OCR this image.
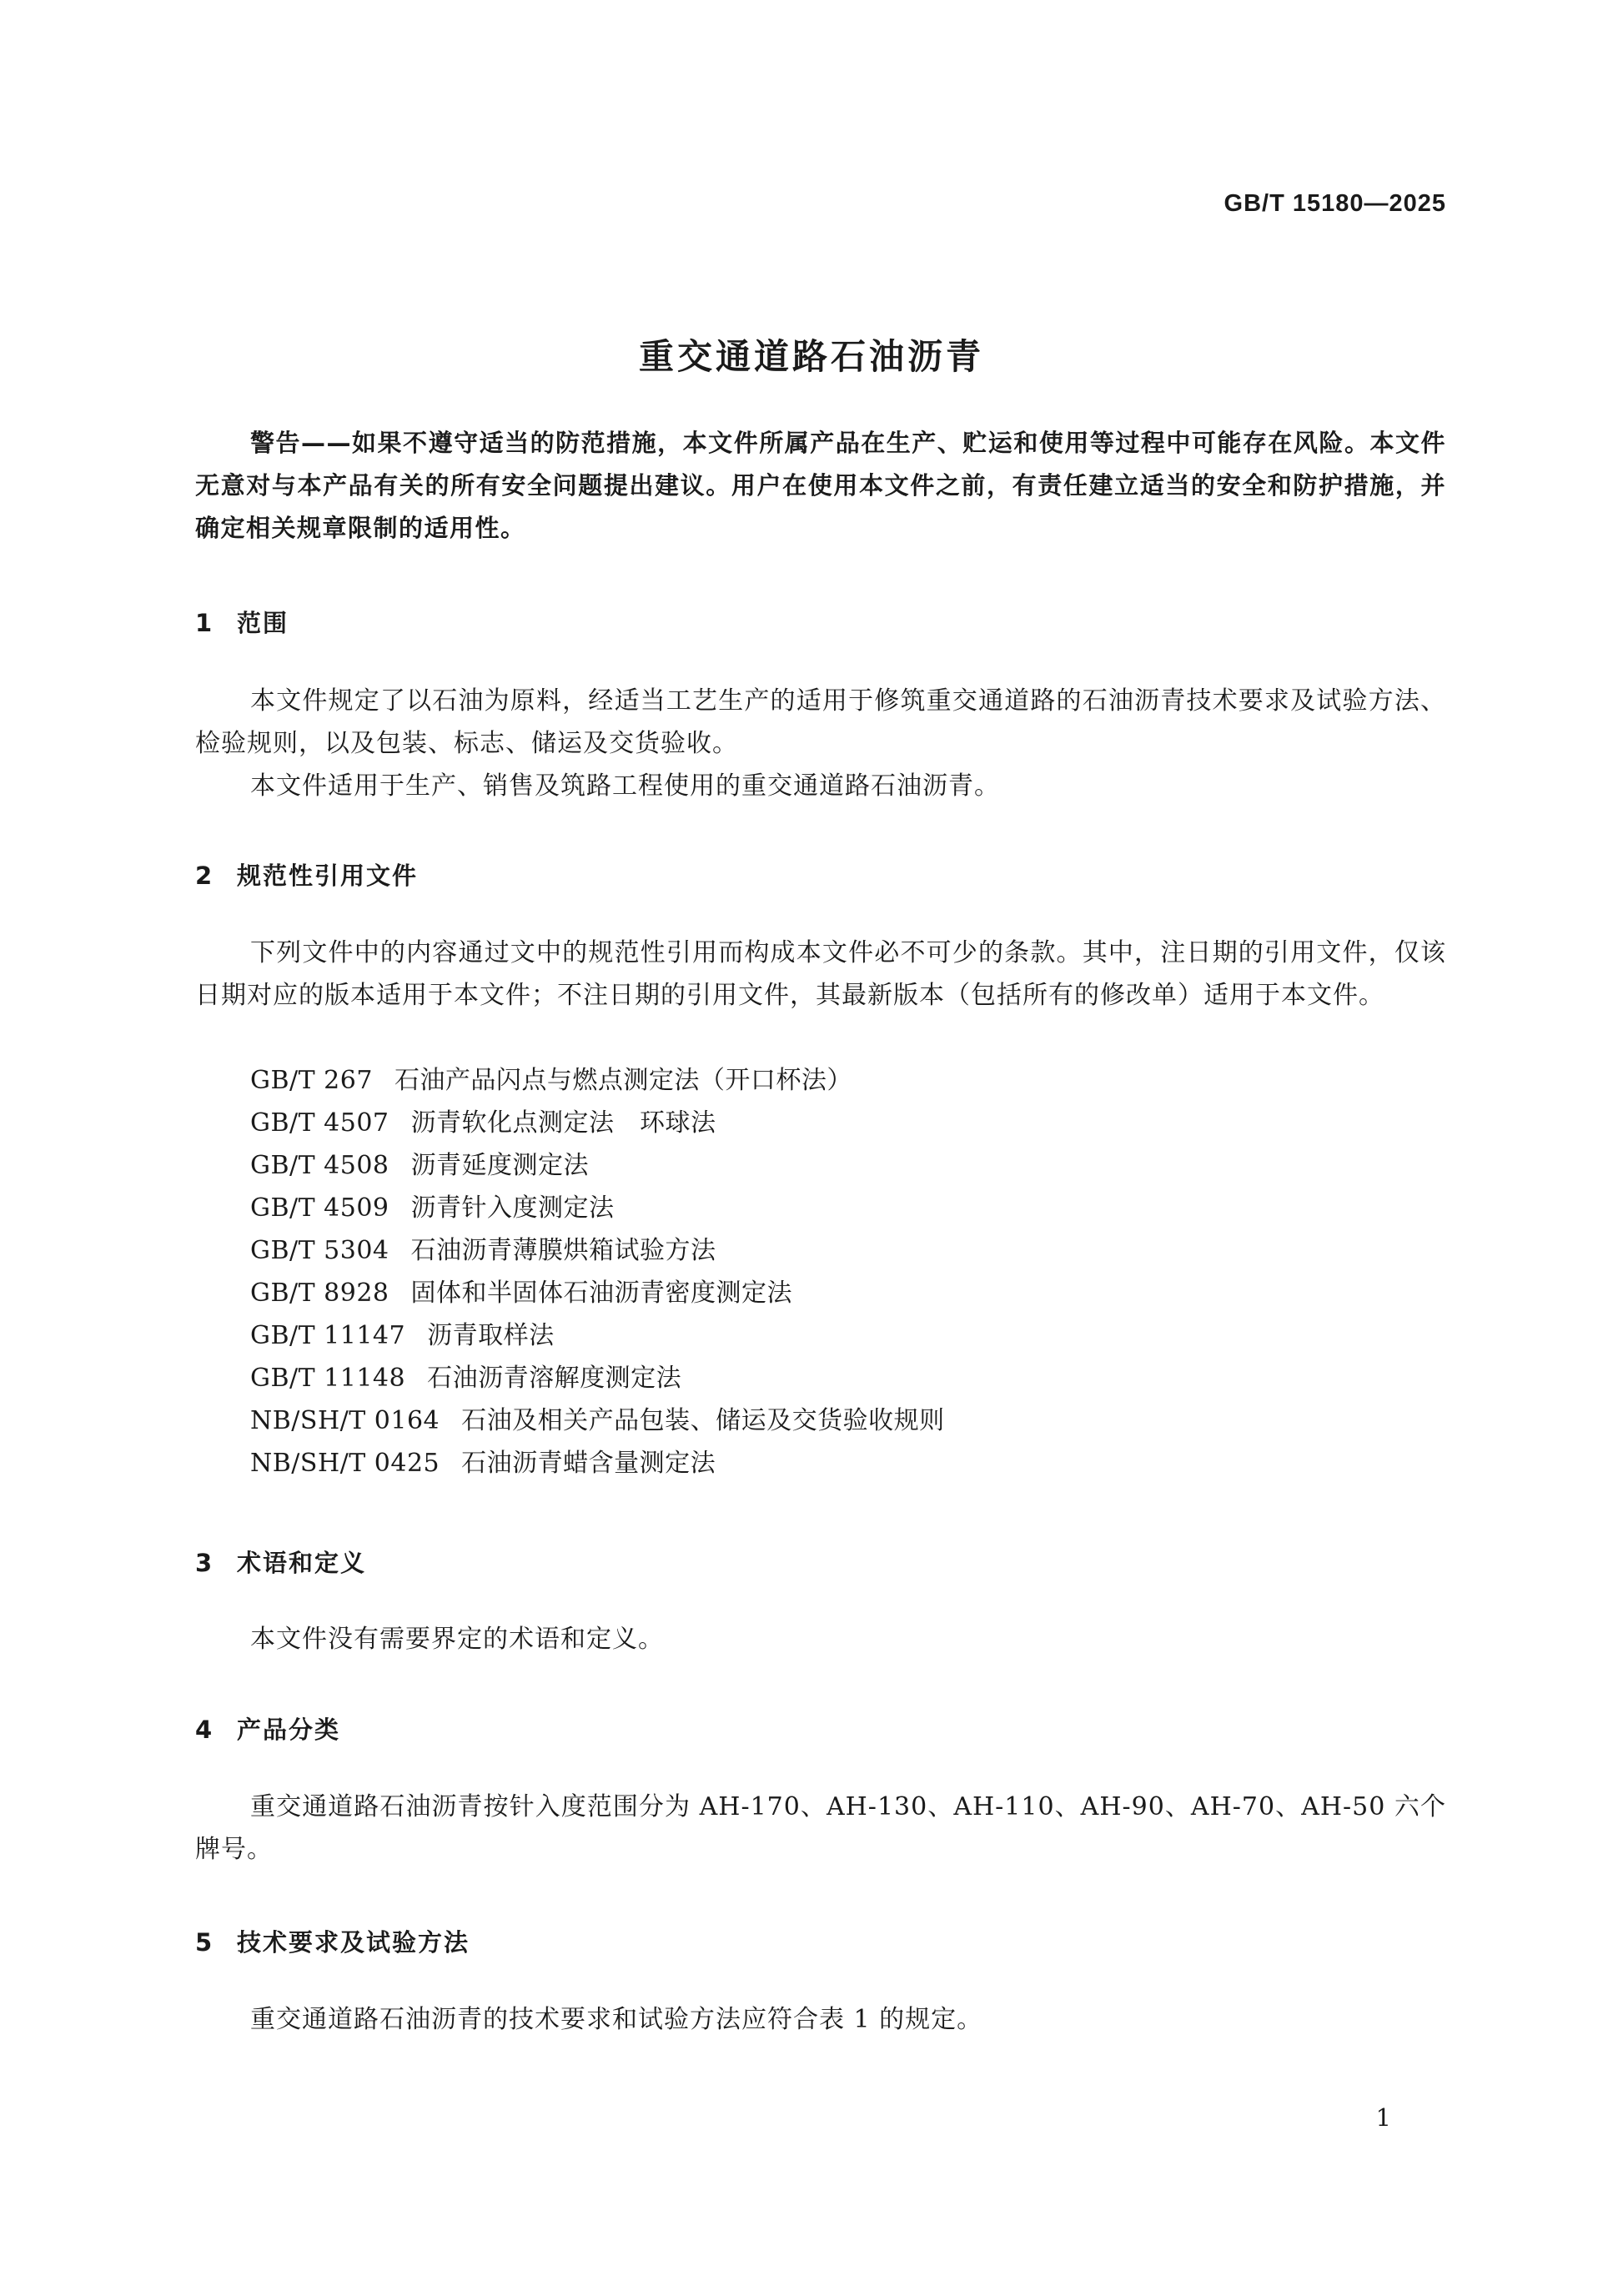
GB/T 15180—2025
重交通道路石油沥青
警告——如果不遵守适当的防范措施，本文件所属产品在生产、贮运和使用等过程中可能存在风险。本文件无意对与本产品有关的所有安全问题提出建议。用户在使用本文件之前，有责任建立适当的安全和防护措施，并确定相关规章限制的适用性。
1 范围

本文件规定了以石油为原料，经适当工艺生产的适用于修筑重交通道路的石油沥青技术要求及试验方法、检验规则，以及包装、标志、储运及交货验收。

本文件适用于生产、销售及筑路工程使用的重交通道路石油沥青。

2 规范性引用文件

下列文件中的内容通过文中的规范性引用而构成本文件必不可少的条款。其中，注日期的引用文件，仅该日期对应的版本适用于本文件；不注日期的引用文件，其最新版本（包括所有的修改单）适用于本文件。

GB/T 267 石油产品闪点与燃点测定法（开口杯法）
GB/T 4507 沥青软化点测定法　环球法
GB/T 4508 沥青延度测定法
GB/T 4509 沥青针入度测定法
GB/T 5304 石油沥青薄膜烘箱试验方法
GB/T 8928 固体和半固体石油沥青密度测定法
GB/T 11147 沥青取样法
GB/T 11148 石油沥青溶解度测定法
NB/SH/T 0164 石油及相关产品包装、储运及交货验收规则
NB/SH/T 0425 石油沥青蜡含量测定法
3 术语和定义

本文件没有需要界定的术语和定义。

4 产品分类

重交通道路石油沥青按针入度范围分为 AH-170、AH-130、AH-110、AH-90、AH-70、AH-50 六个牌号。

5 技术要求及试验方法

重交通道路石油沥青的技术要求和试验方法应符合表 1 的规定。

1
